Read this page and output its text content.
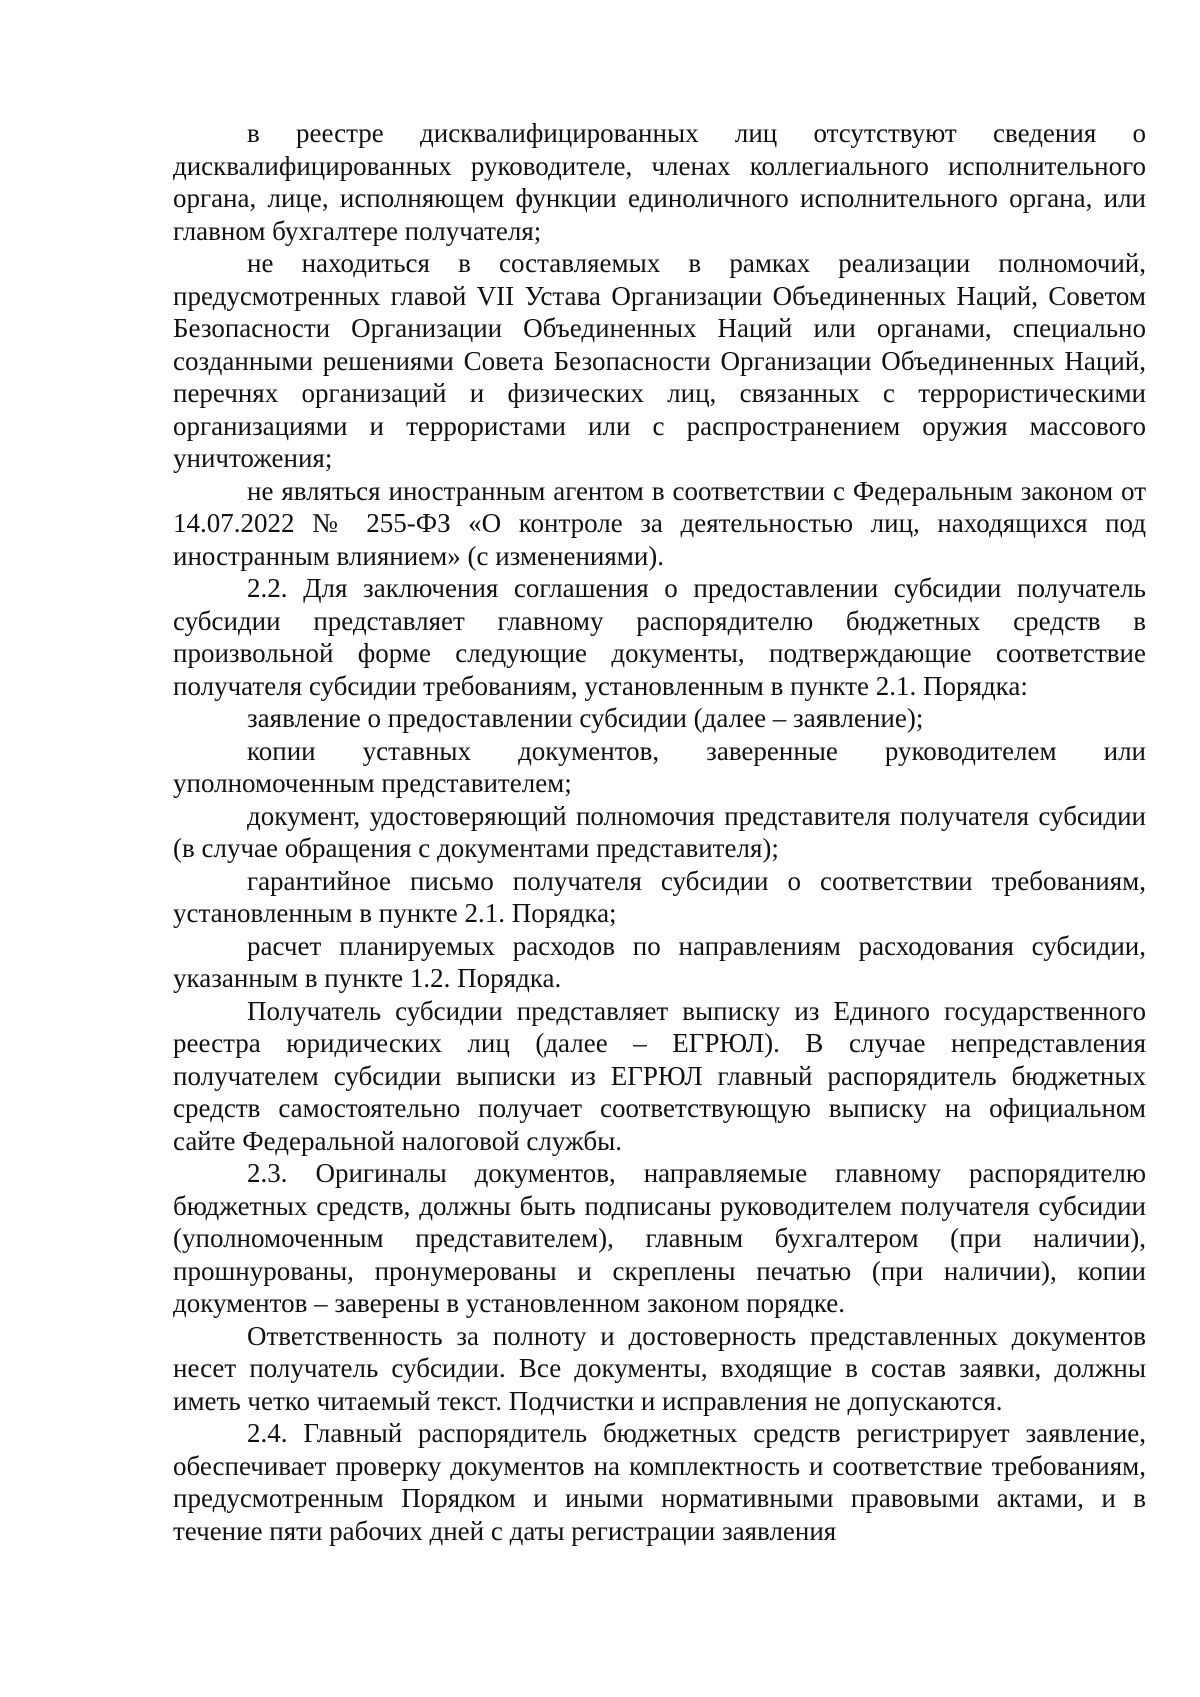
в реестре дисквалифицированных лиц отсутствуют сведения о дисквалифицированных руководителе, членах коллегиального исполнительного органа, лице, исполняющем функции единоличного исполнительного органа, или главном бухгалтере получателя;

не находиться в составляемых в рамках реализации полномочий, предусмотренных главой VII Устава Организации Объединенных Наций, Советом Безопасности Организации Объединенных Наций или органами, специально созданными решениями Совета Безопасности Организации Объединенных Наций, перечнях организаций и физических лиц, связанных с террористическими организациями и террористами или с распространением оружия массового уничтожения;

не являться иностранным агентом в соответствии с Федеральным законом от 14.07.2022 № 255-ФЗ «О контроле за деятельностью лиц, находящихся под иностранным влиянием» (с изменениями).

2.2. Для заключения соглашения о предоставлении субсидии получатель субсидии представляет главному распорядителю бюджетных средств в произвольной форме следующие документы, подтверждающие соответствие получателя субсидии требованиям, установленным в пункте 2.1. Порядка:

заявление о предоставлении субсидии (далее – заявление);

копии уставных документов, заверенные руководителем или уполномоченным представителем;

документ, удостоверяющий полномочия представителя получателя субсидии (в случае обращения с документами представителя);

гарантийное письмо получателя субсидии о соответствии требованиям, установленным в пункте 2.1. Порядка;

расчет планируемых расходов по направлениям расходования субсидии, указанным в пункте 1.2. Порядка.

Получатель субсидии представляет выписку из Единого государственного реестра юридических лиц (далее – ЕГРЮЛ). В случае непредставления получателем субсидии выписки из ЕГРЮЛ главный распорядитель бюджетных средств самостоятельно получает соответствующую выписку на официальном сайте Федеральной налоговой службы.

2.3. Оригиналы документов, направляемые главному распорядителю бюджетных средств, должны быть подписаны руководителем получателя субсидии (уполномоченным представителем), главным бухгалтером (при наличии), прошнурованы, пронумерованы и скреплены печатью (при наличии), копии документов – заверены в установленном законом порядке.

Ответственность за полноту и достоверность представленных документов несет получатель субсидии. Все документы, входящие в состав заявки, должны иметь четко читаемый текст. Подчистки и исправления не допускаются.

2.4. Главный распорядитель бюджетных средств регистрирует заявление, обеспечивает проверку документов на комплектность и соответствие требованиям, предусмотренным Порядком и иными нормативными правовыми актами, и в течение пяти рабочих дней с даты регистрации заявления
